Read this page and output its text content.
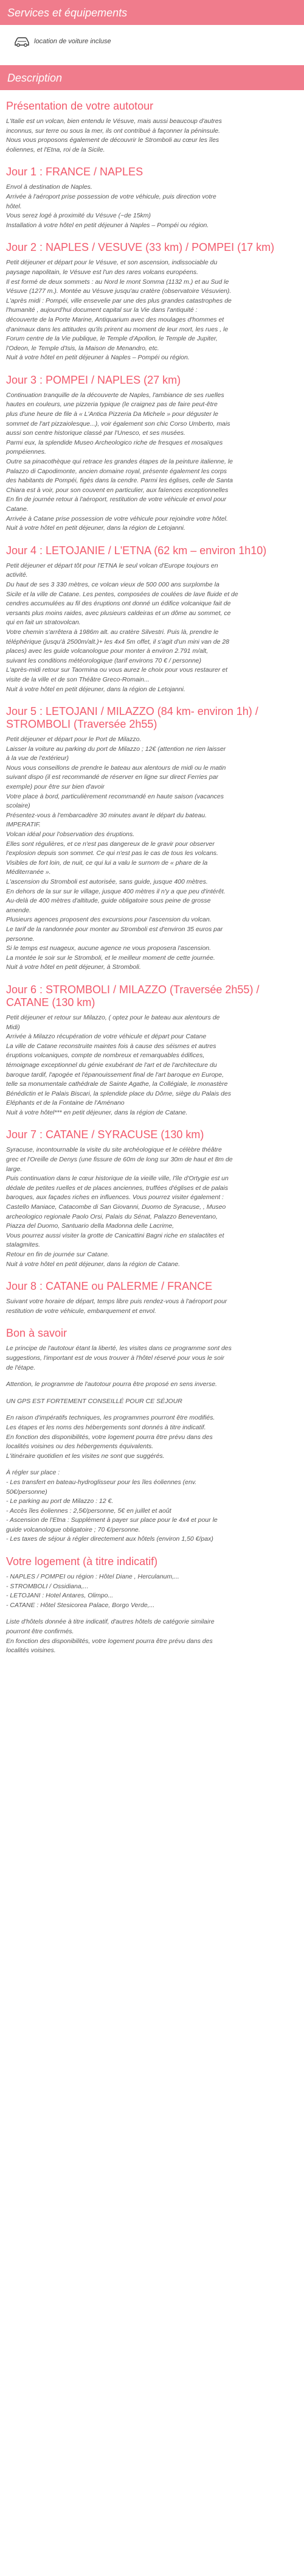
Services et équipements
location de voiture incluse
Description
Présentation de votre autotour

L'Italie est un volcan, bien entendu le Vésuve, mais aussi beaucoup d'autres

inconnus, sur terre ou sous la mer, ils ont contribué à façonner la péninsule.

Nous vous proposons également de découvrir le Stromboli au cœur les îles

éoliennes, et l'Etna, roi de la Sicile.

Jour 1 : FRANCE / NAPLES

Envol à destination de Naples.

Arrivée à l'aéroport prise possession de votre véhicule, puis direction votre

hôtel.

Vous serez logé à proximité du Vésuve (~de 15km)

Installation à votre hôtel en petit déjeuner à Naples – Pompéi ou région.

Jour 2 : NAPLES / VESUVE (33 km) / POMPEI (17 km)

Petit déjeuner et départ pour le Vésuve, et son ascension, indissociable du

paysage napolitain, le Vésuve est l'un des rares volcans européens.

Il est formé de deux sommets : au Nord le mont Somma (1132 m.) et au Sud le

Vésuve (1277 m.). Montée au Vésuve jusqu'au cratère (observatoire Vésuvien).

L'après midi : Pompéi, ville ensevelie par une des plus grandes catastrophes de

l'humanité , aujourd'hui document capital sur la Vie dans l'antiquité :

découverte de la Porte Marine, Antiquarium avec des moulages d'hommes et

d'animaux dans les attitudes qu'ils prirent au moment de leur mort, les rues , le

Forum centre de la Vie publique, le Temple d'Apollon, le Temple de Jupiter,

l'Odeon, le Temple d'Isis, la Maison de Menandro, etc.

Nuit à votre hôtel en petit déjeuner à Naples – Pompéi ou région.

Jour 3 : POMPEI / NAPLES (27 km)

Continuation tranquille de la découverte de Naples, l'ambiance de ses ruelles

hautes en couleurs, une pizzeria typique (le craignez pas de faire peut-être

plus d'une heure de file à « L'Antica Pizzeria Da Michele » pour déguster le

sommet de l'art pizzaiolesque...), voir également son chic Corso Umberto, mais

aussi son centre historique classé par l'Unesco, et ses musées.

Parmi eux, la splendide Museo Archeologico riche de fresques et mosaïques

pompéiennes.

Outre sa pinacothèque qui retrace les grandes étapes de la peinture italienne, le

Palazzo di Capodimonte, ancien domaine royal, présente également les corps

des habitants de Pompéi, figés dans la cendre. Parmi les églises, celle de Santa

Chiara est à voir, pour son couvent en particulier, aux faïences exceptionnelles

En fin de journée retour à l'aéroport, restitution de votre véhicule et envol pour

Catane.

Arrivée à Catane prise possession de votre véhicule pour rejoindre votre hôtel.

Nuit à votre hôtel en petit déjeuner, dans la région de Letojanni.

Jour 4 : LETOJANIE / L'ETNA (62 km – environ 1h10)

Petit déjeuner et départ tôt pour l'ETNA le seul volcan d'Europe toujours en

activité.

Du haut de ses 3 330 mètres, ce volcan vieux de 500 000 ans surplombe la

Sicile et la ville de Catane. Les pentes, composées de coulées de lave fluide et de

cendres accumulées au fil des éruptions ont donné un édifice volcanique fait de

versants plus moins raides, avec plusieurs caldeiras et un dôme au sommet, ce

qui en fait un stratovolcan.

Votre chemin s'arrêtera à 1986m alt. au cratère Silvestri. Puis là, prendre le

téléphérique (jusqu'à 2500m/alt.)+ les 4x4 5m offet, il s'agit d'un mini van de 28

places) avec les guide volcanologue pour monter à environ 2.791 m/alt,

suivant les conditions météorologique (tarif environs 70 € / personne)

L'après-midi retour sur Taormina ou vous aurez le choix pour vous restaurer et

visite de la ville et de son Théâtre Greco-Romain...

Nuit à votre hôtel en petit déjeuner, dans la région de Letojanni.

Jour 5 : LETOJANI / MILAZZO (84 km- environ 1h) / STROMBOLI (Traversée 2h55)

Petit déjeuner et départ pour le Port de Milazzo.

Laisser la voiture au parking du port de Milazzo ; 12€ (attention ne rien laisser

à la vue de l'extérieur)

Nous vous conseillons de prendre le bateau aux alentours de midi ou le matin

suivant dispo (il est recommandé de réserver en ligne sur direct Ferries par

exemple) pour être sur bien d'avoir

Votre place à bord, particulièrement recommandé en haute saison (vacances

scolaire)

Présentez-vous à l'embarcadère 30 minutes avant le départ du bateau.

IMPERATIF.

Volcan idéal pour l'observation des éruptions.

Elles sont régulières, et ce n'est pas dangereux de le gravir pour observer

l'explosion depuis son sommet. Ce qui n'est pas le cas de tous les volcans.

Visibles de fort loin, de nuit, ce qui lui a valu le surnom de « phare de la

Méditerranée ».

L'ascension du Stromboli est autorisée, sans guide, jusque 400 mètres.

En dehors de la sur sur le village, jusque 400 mètres il n'y a que peu d'intérêt.

Au-delà de 400 mètres d'altitude, guide obligatoire sous peine de grosse

amende.

Plusieurs agences proposent des excursions pour l'ascension du volcan.

Le tarif de la randonnée pour monter au Stromboli est d'environ 35 euros par

personne.

Si le temps est nuageux, aucune agence ne vous proposera l'ascension.

La montée le soir sur le Stromboli, et le meilleur moment de cette journée.

Nuit à votre hôtel en petit déjeuner, à Stromboli.

Jour 6 : STROMBOLI / MILAZZO (Traversée 2h55) / CATANE (130 km)

Petit déjeuner et retour sur Milazzo, ( optez pour le bateau aux alentours de

Midi)

Arrivée à Milazzo récupération de votre véhicule et départ pour Catane

La ville de Catane reconstruite maintes fois à cause des séismes et autres

éruptions volcaniques, compte de nombreux et remarquables édifices,

témoignage exceptionnel du génie exubérant de l'art et de l'architecture du

baroque tardif, l'apogée et l'épanouissement final de l'art baroque en Europe,

telle sa monumentale cathédrale de Sainte Agathe, la Collégiale, le monastère

Bénédictin et le Palais Biscari, la splendide place du Dôme, siège du Palais des

Eléphants et de la Fontaine de l'Aménano

Nuit à votre hôtel*** en petit déjeuner, dans la région de Catane.

Jour 7 : CATANE / SYRACUSE (130 km)

Syracuse, incontournable la visite du site archéologique et le célèbre théâtre

grec et l'Oreille de Denys (une fissure de 60m de long sur 30m de haut et 8m de

large.

Puis continuation dans le cœur historique de la vieille ville, l'île d'Ortygie est un

dédale de petites ruelles et de places anciennes, truffées d'églises et de palais

baroques, aux façades riches en influences. Vous pourrez visiter également :

Castello Maniace, Catacombe di San Giovanni, Duomo de Syracuse, , Museo

archeologico regionale Paolo Orsi, Palais du Sénat, Palazzo Beneventano,

Piazza del Duomo, Santuario della Madonna delle Lacrime,

Vous pourrez aussi visiter la grotte de Canicattini Bagni riche en stalactites et

stalagmites.

Retour en fin de journée sur Catane.

Nuit à votre hôtel en petit déjeuner, dans la région de Catane.

Jour 8 : CATANE ou PALERME / FRANCE

Suivant votre horaire de départ, temps libre puis rendez-vous à l'aéroport pour

restitution de votre véhicule, embarquement et envol.

Bon à savoir

Le principe de l'autotour étant la liberté, les visites dans ce programme sont des

suggestions, l'important est de vous trouver à l'hôtel réservé pour vous le soir

de l'étape.

Attention, le programme de l'autotour pourra être proposé en sens inverse.

UN GPS EST FORTEMENT CONSEILLÉ POUR CE SÉJOUR

En raison d'impératifs techniques, les programmes pourront être modifiés.

Les étapes et les noms des hébergements sont donnés à titre indicatif.

En fonction des disponibilités, votre logement pourra être prévu dans des

localités voisines ou des hébergements équivalents.

L'itinéraire quotidien et les visites ne sont que suggérés.

À régler sur place :

- Les transfert en bateau-hydroglisseur pour les îles éoliennes (env.

50€/personne)

- Le parking au port de Milazzo : 12 €.

- Accès îles éoliennes : 2,5€/personne, 5€ en juillet et août

- Ascension de l'Etna : Supplément à payer sur place pour le 4x4 et pour le

guide volcanologue obligatoire ; 70 €/personne.

- Les taxes de séjour à régler directement aux hôtels (environ 1,50 €/pax)

Votre logement (à titre indicatif)

- NAPLES / POMPEI ou région : Hôtel Diane , Herculanum,...

- STROMBOLI / Ossidiana,...

- LETOJANI : Hotel Antares, Olimpo...

- CATANE : Hôtel Stesicorea Palace, Borgo Verde,...

Liste d'hôtels donnée à titre indicatif, d'autres hôtels de catégorie similaire

pourront être confirmés.

En fonction des disponibilités, votre logement pourra être prévu dans des

localités voisines.
